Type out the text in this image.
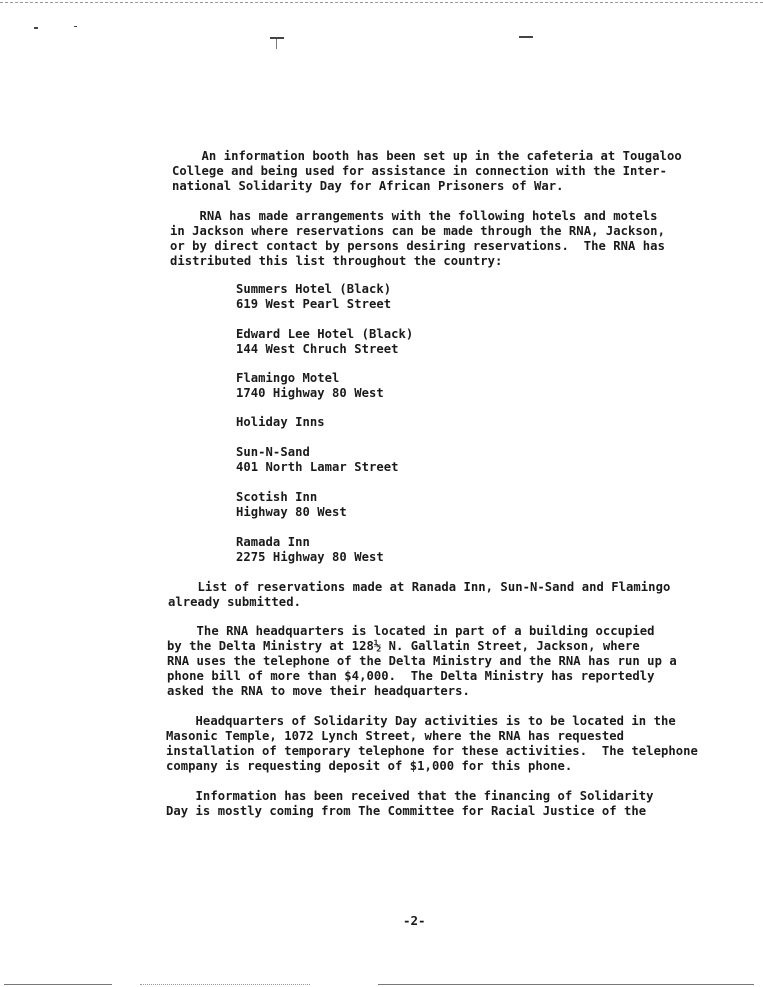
An information booth has been set up in the cafeteria at Tougaloo
College and being used for assistance in connection with the Inter-
national Solidarity Day for African Prisoners of War.
RNA has made arrangements with the following hotels and motels
in Jackson where reservations can be made through the RNA, Jackson,
or by direct contact by persons desiring reservations.  The RNA has
distributed this list throughout the country:
Summers Hotel (Black)
619 West Pearl Street
Edward Lee Hotel (Black)
144 West Chruch Street
Flamingo Motel
1740 Highway 80 West
Holiday Inns
Sun-N-Sand
401 North Lamar Street
Scotish Inn
Highway 80 West
Ramada Inn
2275 Highway 80 West
List of reservations made at Ranada Inn, Sun-N-Sand and Flamingo
already submitted.
The RNA headquarters is located in part of a building occupied
by the Delta Ministry at 128½ N. Gallatin Street, Jackson, where
RNA uses the telephone of the Delta Ministry and the RNA has run up a
phone bill of more than $4,000.  The Delta Ministry has reportedly
asked the RNA to move their headquarters.
Headquarters of Solidarity Day activities is to be located in the
Masonic Temple, 1072 Lynch Street, where the RNA has requested
installation of temporary telephone for these activities.  The telephone
company is requesting deposit of $1,000 for this phone.
Information has been received that the financing of Solidarity
Day is mostly coming from The Committee for Racial Justice of the
-2-
